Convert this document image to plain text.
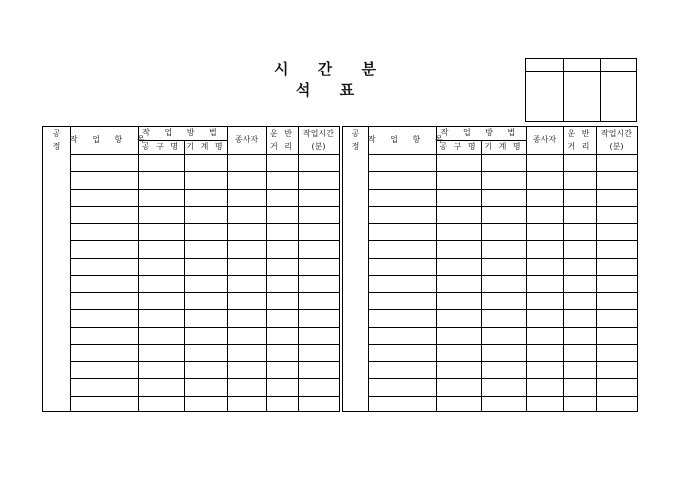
시 간 분 석 표
공
정
작 업 항 목
작 업 방 법
공 구 명 기 계 명
종사자
운 반
거 리
작업시간
(분)
공
정
작 업 항 목
작 업 방 법
공 구 명 기 계 명
종사자
운 반
거 리
작업시간
(분)
